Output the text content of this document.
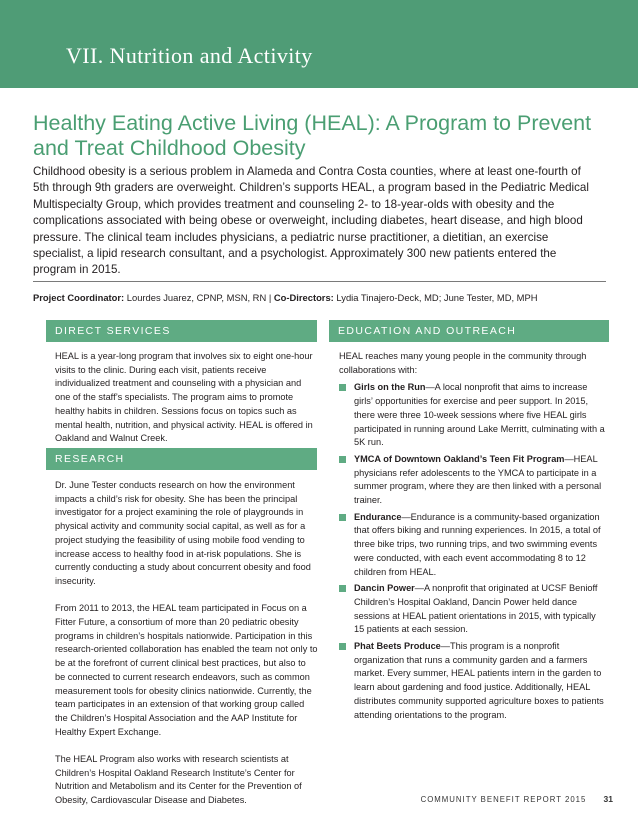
VII. Nutrition and Activity
Healthy Eating Active Living (HEAL): A Program to Prevent and Treat Childhood Obesity

Childhood obesity is a serious problem in Alameda and Contra Costa counties, where at least one-fourth of 5th through 9th graders are overweight. Children’s supports HEAL, a program based in the Pediatric Medical Multispecialty Group, which provides treatment and counseling 2- to 18-year-olds with obesity and the complications associated with being obese or overweight, including diabetes, heart disease, and high blood pressure. The clinical team includes physicians, a pediatric nurse practitioner, a dietitian, an exercise specialist, a lipid research consultant, and a psychologist. Approximately 300 new patients entered the program in 2015.

Project Coordinator: Lourdes Juarez, CPNP, MSN, RN | Co-Directors: Lydia Tinajero-Deck, MD; June Tester, MD, MPH
DIRECT SERVICES

HEAL is a year-long program that involves six to eight one-hour visits to the clinic. During each visit, patients receive individualized treatment and counseling with a physician and one of the staff’s specialists. The program aims to promote healthy habits in children. Sessions focus on topics such as mental health, nutrition, and physical activity. HEAL is offered in Oakland and Walnut Creek.

RESEARCH

Dr. June Tester conducts research on how the environment impacts a child’s risk for obesity. She has been the principal investigator for a project examining the role of playgrounds in physical activity and community social capital, as well as for a project studying the feasibility of using mobile food vending to increase access to healthy food in at-risk populations. She is currently conducting a study about concurrent obesity and food insecurity.

From 2011 to 2013, the HEAL team participated in Focus on a Fitter Future, a consortium of more than 20 pediatric obesity programs in children’s hospitals nationwide. Participation in this research-oriented collaboration has enabled the team not only to be at the forefront of current clinical best practices, but also to be connected to current research endeavors, such as common measurement tools for obesity clinics nationwide. Currently, the team participates in an extension of that working group called the Children’s Hospital Association and the AAP Institute for Healthy Expert Exchange.

The HEAL Program also works with research scientists at Children’s Hospital Oakland Research Institute’s Center for Nutrition and Metabolism and its Center for the Prevention of Obesity, Cardiovascular Disease and Diabetes.

EDUCATION AND OUTREACH

HEAL reaches many young people in the community through collaborations with:

Girls on the Run—A local nonprofit that aims to increase girls’ opportunities for exercise and peer support. In 2015, there were three 10-week sessions where five HEAL girls participated in running around Lake Merritt, culminating with a 5K run.
YMCA of Downtown Oakland’s Teen Fit Program—HEAL physicians refer adolescents to the YMCA to participate in a summer program, where they are then linked with a personal trainer.
Endurance—Endurance is a community-based organization that offers biking and running experiences. In 2015, a total of three bike trips, two running trips, and two swimming events were conducted, with each event accommodating 8 to 12 children from HEAL.
Dancin Power—A nonprofit that originated at UCSF Benioff Children’s Hospital Oakland, Dancin Power held dance sessions at HEAL patient orientations in 2015, with typically 15 patients at each session.
Phat Beets Produce—This program is a nonprofit organization that runs a community garden and a farmers market. Every summer, HEAL patients intern in the garden to learn about gardening and food justice. Additionally, HEAL distributes community supported agriculture boxes to patients attending orientations to the program.
COMMUNITY BENEFIT REPORT 2015 31
